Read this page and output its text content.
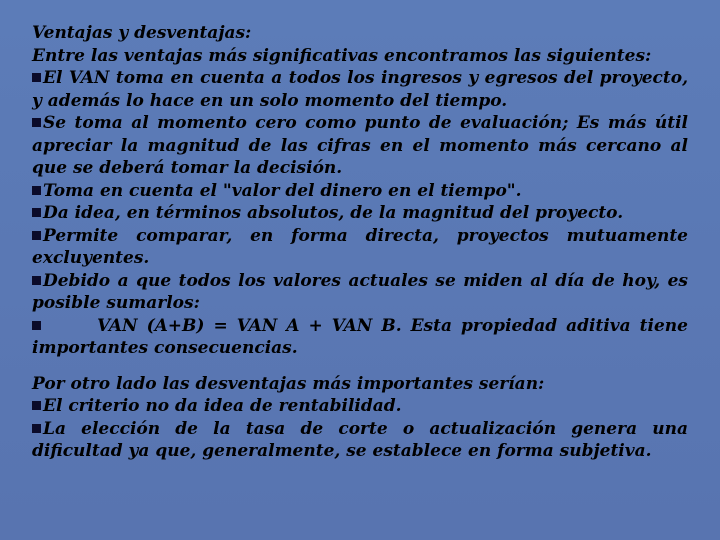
Ventajas y desventajas:

Entre las ventajas más significativas encontramos las siguientes:

El VAN toma en cuenta a todos los ingresos y egresos del proyecto, y además lo hace en un solo momento del tiempo.

Se toma al momento cero como punto de evaluación; Es más útil apreciar la magnitud de las cifras en el momento más cercano al que se deberá tomar la decisión.

Toma en cuenta el "valor del dinero en el tiempo".

Da idea, en términos absolutos, de la magnitud del proyecto.

Permite comparar, en forma directa, proyectos mutuamente excluyentes.

Debido a que todos los valores actuales se miden al día de hoy, es posible sumarlos:

VAN (A+B) = VAN A + VAN B. Esta propiedad aditiva tiene importantes consecuencias.

Por otro lado las desventajas más importantes serían:

El criterio no da idea de rentabilidad.

La elección de la tasa de corte o actualización genera una dificultad ya que, generalmente, se establece en forma subjetiva.
